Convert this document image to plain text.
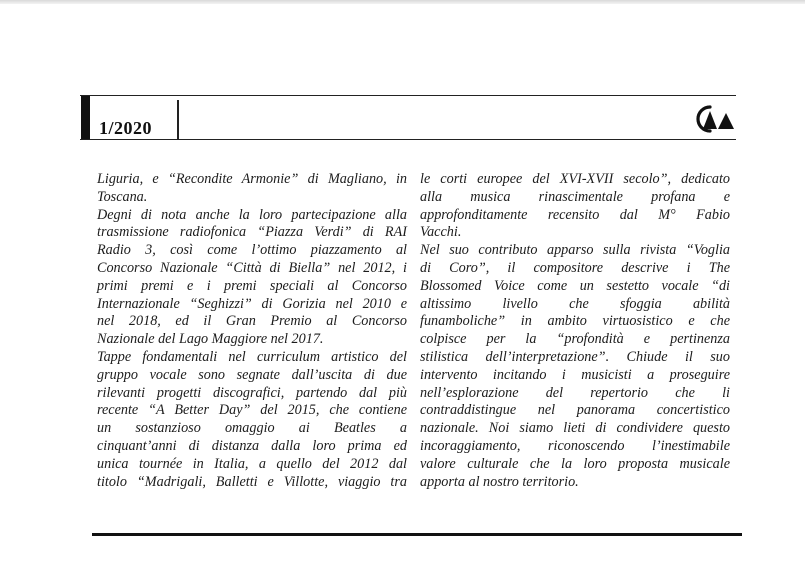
1/2020
Liguria, e “Recondite Armonie” di Magliano, in
Toscana.
Degni di nota anche la loro partecipazione alla
trasmissione radiofonica “Piazza Verdi” di RAI
Radio 3, così come l’ottimo piazzamento al
Concorso Nazionale “Città di Biella” nel 2012, i
primi premi e i premi speciali al Concorso
Internazionale “Seghizzi” di Gorizia nel 2010 e
nel 2018, ed il Gran Premio al Concorso
Nazionale del Lago Maggiore nel 2017.
Tappe fondamentali nel curriculum artistico del
gruppo vocale sono segnate dall’uscita di due
rilevanti progetti discografici, partendo dal più
recente “A Better Day” del 2015, che contiene
un sostanzioso omaggio ai Beatles a
cinquant’anni di distanza dalla loro prima ed
unica tournée in Italia, a quello del 2012 dal
titolo “Madrigali, Balletti e Villotte, viaggio tra
le corti europee del XVI-XVII secolo”, dedicato
alla musica rinascimentale profana e
approfonditamente recensito dal M° Fabio
Vacchi.
Nel suo contributo apparso sulla rivista “Voglia
di Coro”, il compositore descrive i The
Blossomed Voice come un sestetto vocale “di
altissimo livello che sfoggia abilità
funamboliche” in ambito virtuosistico e che
colpisce per la “profondità e pertinenza
stilistica dell’interpretazione”. Chiude il suo
intervento incitando i musicisti a proseguire
nell’esplorazione del repertorio che li
contraddistingue nel panorama concertistico
nazionale. Noi siamo lieti di condividere questo
incoraggiamento, riconoscendo l’inestimabile
valore culturale che la loro proposta musicale
apporta al nostro territorio.
